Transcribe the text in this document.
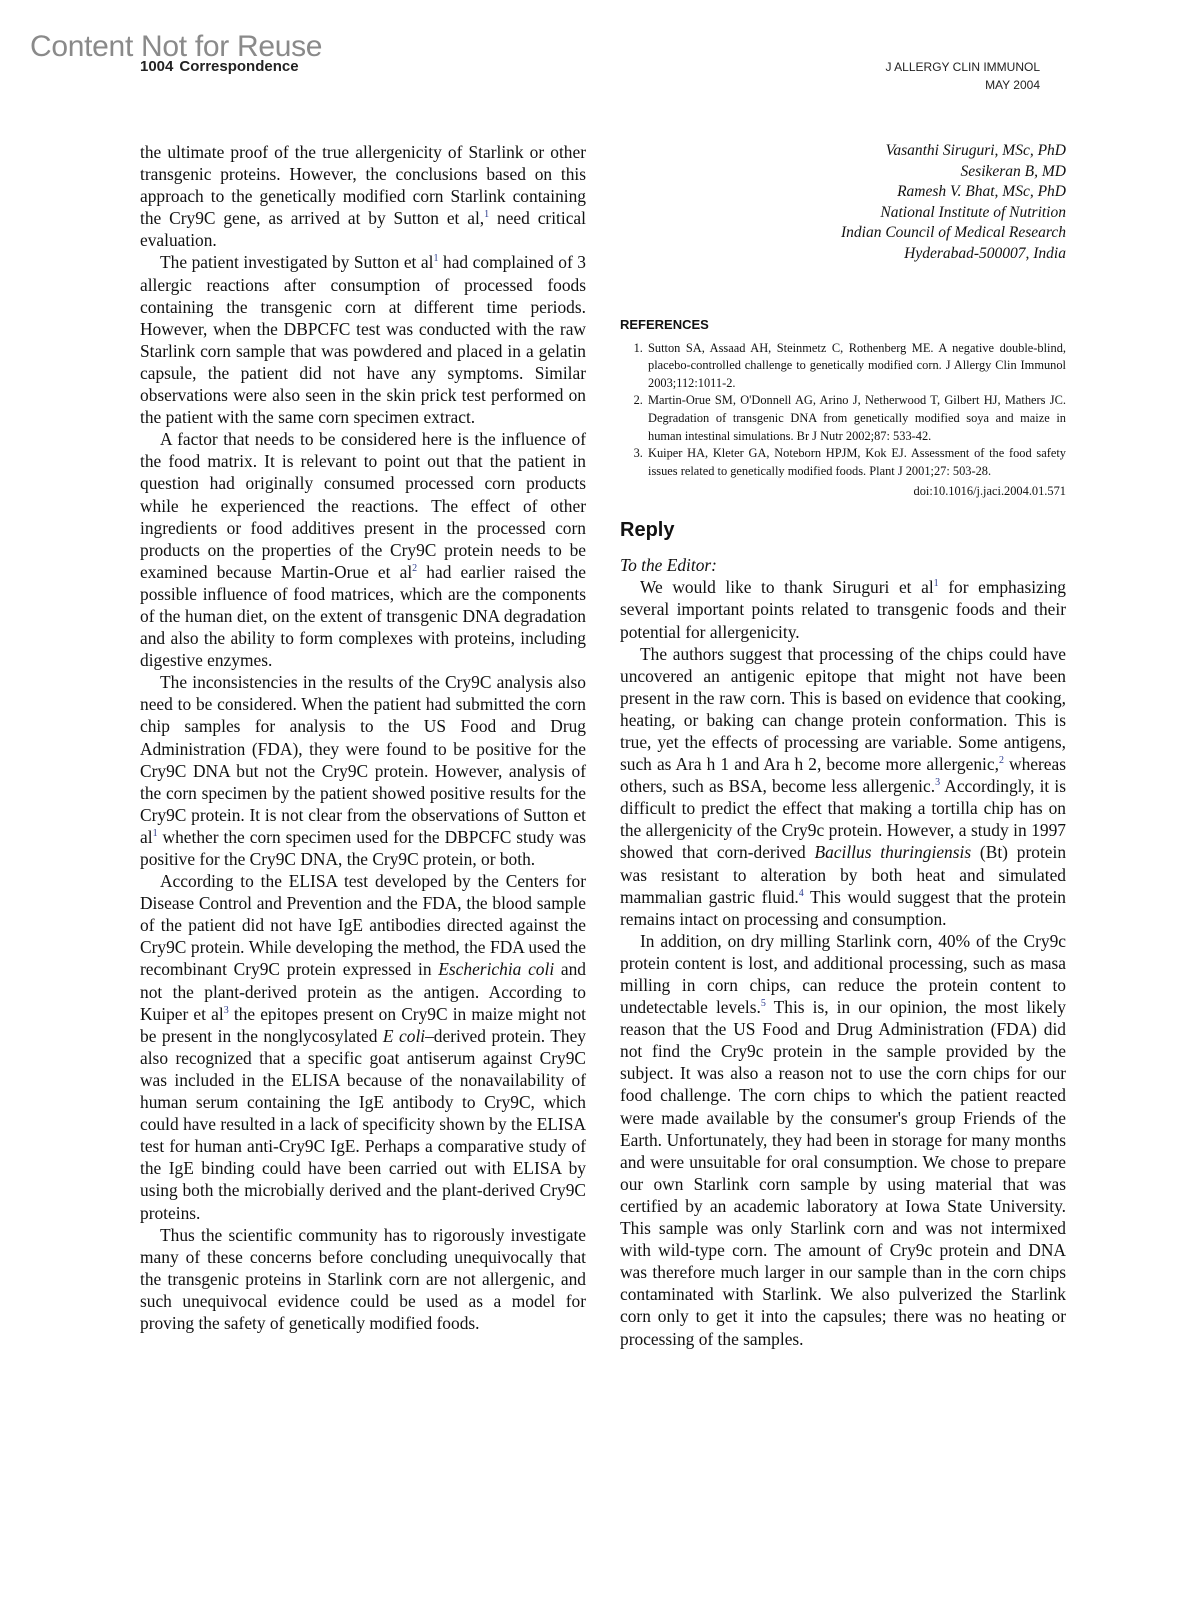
Content Not for Reuse
1004 Correspondence	J ALLERGY CLIN IMMUNOL
MAY 2004

the ultimate proof of the true allergenicity of Starlink or other transgenic proteins. However, the conclusions based on this approach to the genetically modified corn Starlink containing the Cry9C gene, as arrived at by Sutton et al,$^1$ need critical evaluation.

The patient investigated by Sutton et $al^1$ had complained of 3 allergic reactions after consumption of processed foods containing the transgenic corn at different time periods. However, when the DBPCFC test was conducted with the raw Starlink corn sample that was powdered and placed in a gelatin capsule, the patient did not have any symptoms. Similar observations were also seen in the skin prick test performed on the patient with the same corn specimen extract.

A factor that needs to be considered here is the influence of the food matrix. It is relevant to point out that the patient in question had originally consumed processed corn products while he experienced the reactions. The effect of other ingredients or food additives present in the processed corn products on the properties of the Cry9C protein needs to be examined because Martin-Orue et $al^2$ had earlier raised the possible influence of food matrices, which are the components of the human diet, on the extent of transgenic DNA degradation and also the ability to form complexes with proteins, including digestive enzymes.

The inconsistencies in the results of the Cry9C analysis also need to be considered. When the patient had submitted the corn chip samples for analysis to the US Food and Drug Administration (FDA), they were found to be positive for the Cry9C DNA but not the Cry9C protein. However, analysis of the corn specimen by the patient showed positive results for the Cry9C protein. It is not clear from the observations of Sutton et $al^1$ whether the corn specimen used for the DBPCFC study was positive for the Cry9C DNA, the Cry9C protein, or both.

According to the ELISA test developed by the Centers for Disease Control and Prevention and the FDA, the blood sample of the patient did not have IgE antibodies directed against the Cry9C protein. While developing the method, the FDA used the recombinant Cry9C protein expressed in Escherichia coli and not the plant-derived protein as the antigen. According to Kuiper et $al^3$ the epitopes present on Cry9C in maize might not be present in the nonglycosylated E coli–derived protein. They also recognized that a specific goat antiserum against Cry9C was included in the ELISA because of the nonavailability of human serum containing the IgE antibody to Cry9C, which could have resulted in a lack of specificity shown by the ELISA test for human anti-Cry9C IgE. Perhaps a comparative study of the IgE binding could have been carried out with ELISA by using both the microbially derived and the plant-derived Cry9C proteins.

Thus the scientific community has to rigorously investigate many of these concerns before concluding unequivocally that the transgenic proteins in Starlink corn are not allergenic, and such unequivocal evidence could be used as a model for proving the safety of genetically modified foods.

Vasanthi Siruguri, MSc, PhD
Sesikeran B, MD
Ramesh V. Bhat, MSc, PhD
National Institute of Nutrition
Indian Council of Medical Research
Hyderabad-500007, India
REFERENCES
1. Sutton SA, Assaad AH, Steinmetz C, Rothenberg ME. A negative double-blind, placebo-controlled challenge to genetically modified corn. J Allergy Clin Immunol 2003;112:1011-2.
2. Martin-Orue SM, O'Donnell AG, Arino J, Netherwood T, Gilbert HJ, Mathers JC. Degradation of transgenic DNA from genetically modified soya and maize in human intestinal simulations. Br J Nutr 2002;87: 533-42.
3. Kuiper HA, Kleter GA, Noteborn HPJM, Kok EJ. Assessment of the food safety issues related to genetically modified foods. Plant J 2001;27: 503-28.
doi:10.1016/j.jaci.2004.01.571
Reply
To the Editor:

We would like to thank Siruguri et $al^1$ for emphasizing several important points related to transgenic foods and their potential for allergenicity.

The authors suggest that processing of the chips could have uncovered an antigenic epitope that might not have been present in the raw corn. This is based on evidence that cooking, heating, or baking can change protein conformation. This is true, yet the effects of processing are variable. Some antigens, such as Ara h 1 and Ara h 2, become more allergenic,$^2$ whereas others, such as BSA, become less allergenic.$^3$ Accordingly, it is difficult to predict the effect that making a tortilla chip has on the allergenicity of the Cry9c protein. However, a study in 1997 showed that corn-derived Bacillus thuringiensis (Bt) protein was resistant to alteration by both heat and simulated mammalian gastric fluid.$^4$ This would suggest that the protein remains intact on processing and consumption.

In addition, on dry milling Starlink corn, 40% of the Cry9c protein content is lost, and additional processing, such as masa milling in corn chips, can reduce the protein content to undetectable levels.$^5$ This is, in our opinion, the most likely reason that the US Food and Drug Administration (FDA) did not find the Cry9c protein in the sample provided by the subject. It was also a reason not to use the corn chips for our food challenge. The corn chips to which the patient reacted were made available by the consumer's group Friends of the Earth. Unfortunately, they had been in storage for many months and were unsuitable for oral consumption. We chose to prepare our own Starlink corn sample by using material that was certified by an academic laboratory at Iowa State University. This sample was only Starlink corn and was not intermixed with wild-type corn. The amount of Cry9c protein and DNA was therefore much larger in our sample than in the corn chips contaminated with Starlink. We also pulverized the Starlink corn only to get it into the capsules; there was no heating or processing of the samples.
